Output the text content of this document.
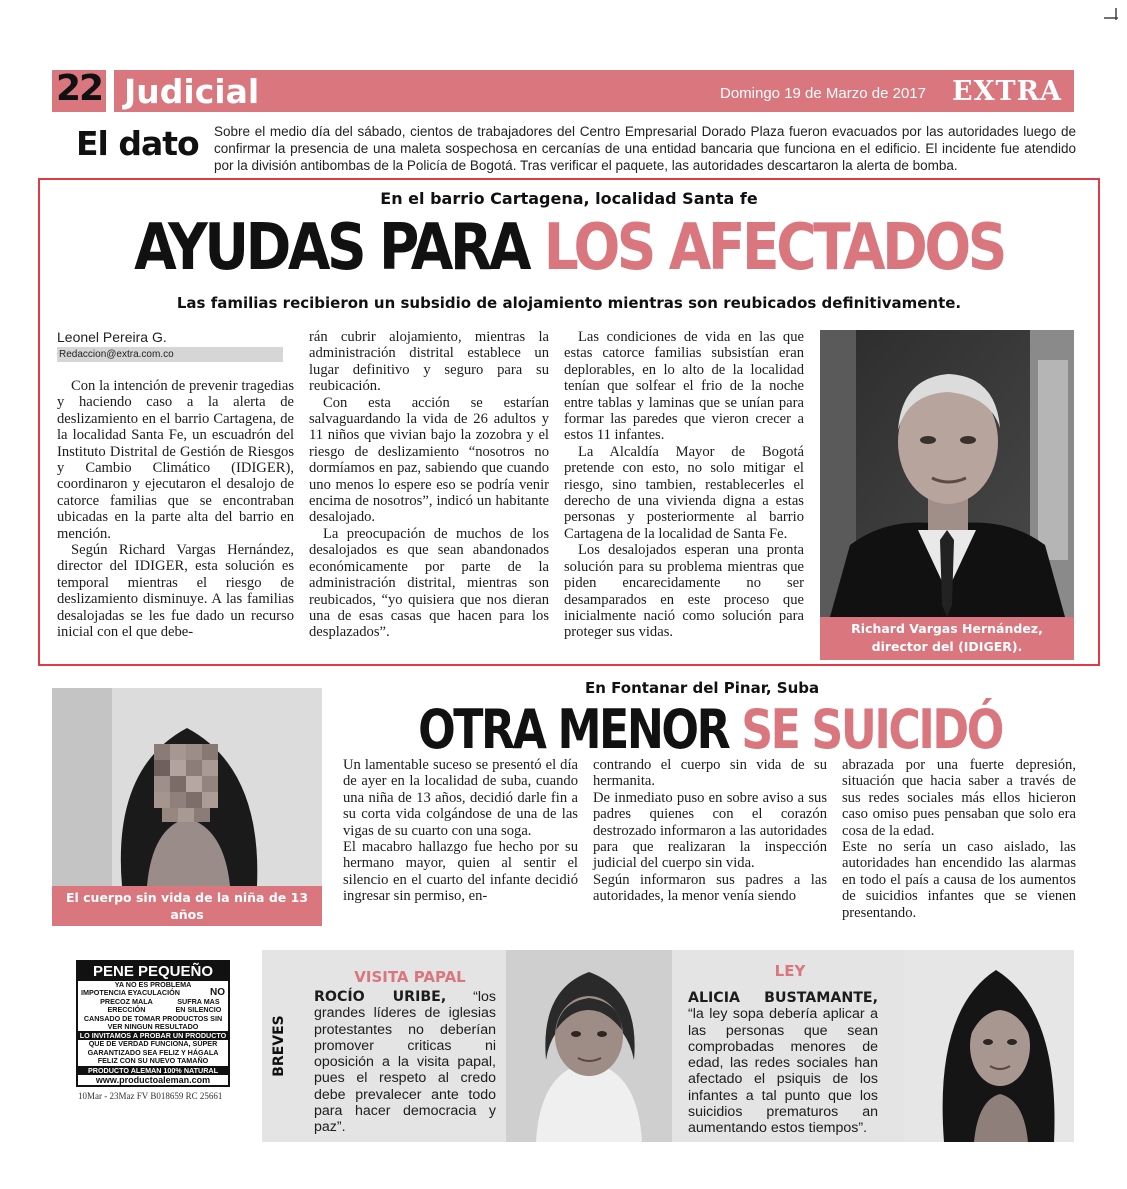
22 Judicial	Domingo 19 de Marzo de 2017 EXTRA
El dato Sobre el medio día del sábado, cientos de trabajadores del Centro Empresarial Dorado Plaza fueron evacuados por las autoridades luego de confirmar la presencia de una maleta sospechosa en cercanías de una entidad bancaria que funciona en el edificio. El incidente fue atendido por la división antibombas de la Policía de Bogotá. Tras verificar el paquete, las autoridades descartaron la alerta de bomba.
En el barrio Cartagena, localidad Santa fe
AYUDAS PARA LOS AFECTADOS
Las familias recibieron un subsidio de alojamiento mientras son reubicados definitivamente.
Leonel Pereira G.
Redaccion@extra.com.co

Con la intención de prevenir tragedias y haciendo caso a la alerta de deslizamiento en el barrio Cartagena, de la localidad Santa Fe, un escuadrón del Instituto Distrital de Gestión de Riesgos y Cambio Climático (IDIGER), coordinaron y ejecutaron el desalojo de catorce familias que se encontraban ubicadas en la parte alta del barrio en mención.

Según Richard Vargas Hernández, director del IDIGER, esta solución es temporal mientras el riesgo de deslizamiento disminuye. A las familias desalojadas se les fue dado un recurso inicial con el que debe-

rán cubrir alojamiento, mientras la administración distrital establece un lugar definitivo y seguro para su reubicación.

Con esta acción se estarían salvaguardando la vida de 26 adultos y 11 niños que vivian bajo la zozobra y el riesgo de deslizamiento “nosotros no dormíamos en paz, sabiendo que cuando uno menos lo espere eso se podría venir encima de nosotros”, indicó un habitante desalojado.

La preocupación de muchos de los desalojados es que sean abandonados económicamente por parte de la administración distrital, mientras son reubicados, “yo quisiera que nos dieran una de esas casas que hacen para los desplazados”.

Las condiciones de vida en las que estas catorce familias subsistían eran deplorables, en lo alto de la localidad tenían que solfear el frio de la noche entre tablas y laminas que se unían para formar las paredes que vieron crecer a estos 11 infantes.

La Alcaldía Mayor de Bogotá pretende con esto, no solo mitigar el riesgo, sino tambien, restablecerles el derecho de una vivienda digna a estas personas y posteriormente al barrio Cartagena de la localidad de Santa Fe.

Los desalojados esperan una pronta solución para su problema mientras que piden encarecidamente no ser desamparados en este proceso que inicialmente nació como solución para proteger sus vidas.	Richard Vargas Hernández,
director del (IDIGER).
El cuerpo sin vida de la niña de 13 años
fue hallado por su hermano mayor.
En Fontanar del Pinar, Suba
OTRA MENOR SE SUICIDÓ

Un lamentable suceso se presentó el día de ayer en la localidad de suba, cuando una niña de 13 años, decidió darle fin a su corta vida colgándose de una de las vigas de su cuarto con una soga.

El macabro hallazgo fue hecho por su hermano mayor, quien al sentir el silencio en el cuarto del infante decidió ingresar sin permiso, en-

contrando el cuerpo sin vida de su hermanita.

De inmediato puso en sobre aviso a sus padres quienes con el corazón destrozado informaron a las autoridades para que realizaran la inspección judicial del cuerpo sin vida.

Según informaron sus padres a las autoridades, la menor venía siendo

abrazada por una fuerte depresión, situación que hacia saber a través de sus redes sociales más ellos hicieron caso omiso pues pensaban que solo era cosa de la edad.

Este no sería un caso aislado, las autoridades han encendido las alarmas en todo el país a causa de los aumentos de suicidios infantes que se vienen presentando.

PENE PEQUEÑO
YA NO ES PROBLEMA
IMPOTENCIA EYACULACIÓN	NO
PRECOZ MALA ERECCIÓN
SUFRA MAS EN SILENCIO
CANSADO DE TOMAR PRODUCTOS SIN VER NINGUN RESULTADO
LO INVITAMOS A PROBAR UN PRODUCTO
QUE DE VERDAD FUNCIONA, SÚPER GARANTIZADO SEA FELIZ Y HÁGALA FELIZ CON SU NUEVO TAMAÑO
PRODUCTO ALEMAN 100% NATURAL
www.productoaleman.com
10Mar - 23Maz FV B018659 RC 25661
BREVES
VISITA PAPAL
ROCÍO URIBE, “los grandes líderes de iglesias protestantes no deberían promover criticas ni oposición a la visita papal, pues el respeto al credo debe prevalecer ante todo para hacer democracia y paz”.
LEY
ALICIA BUSTAMANTE, “la ley sopa debería aplicar a las personas que sean comprobadas menores de edad, las redes sociales han afectado el psiquis de los infantes a tal punto que los suicidios prematuros an aumentando estos tiempos”.
